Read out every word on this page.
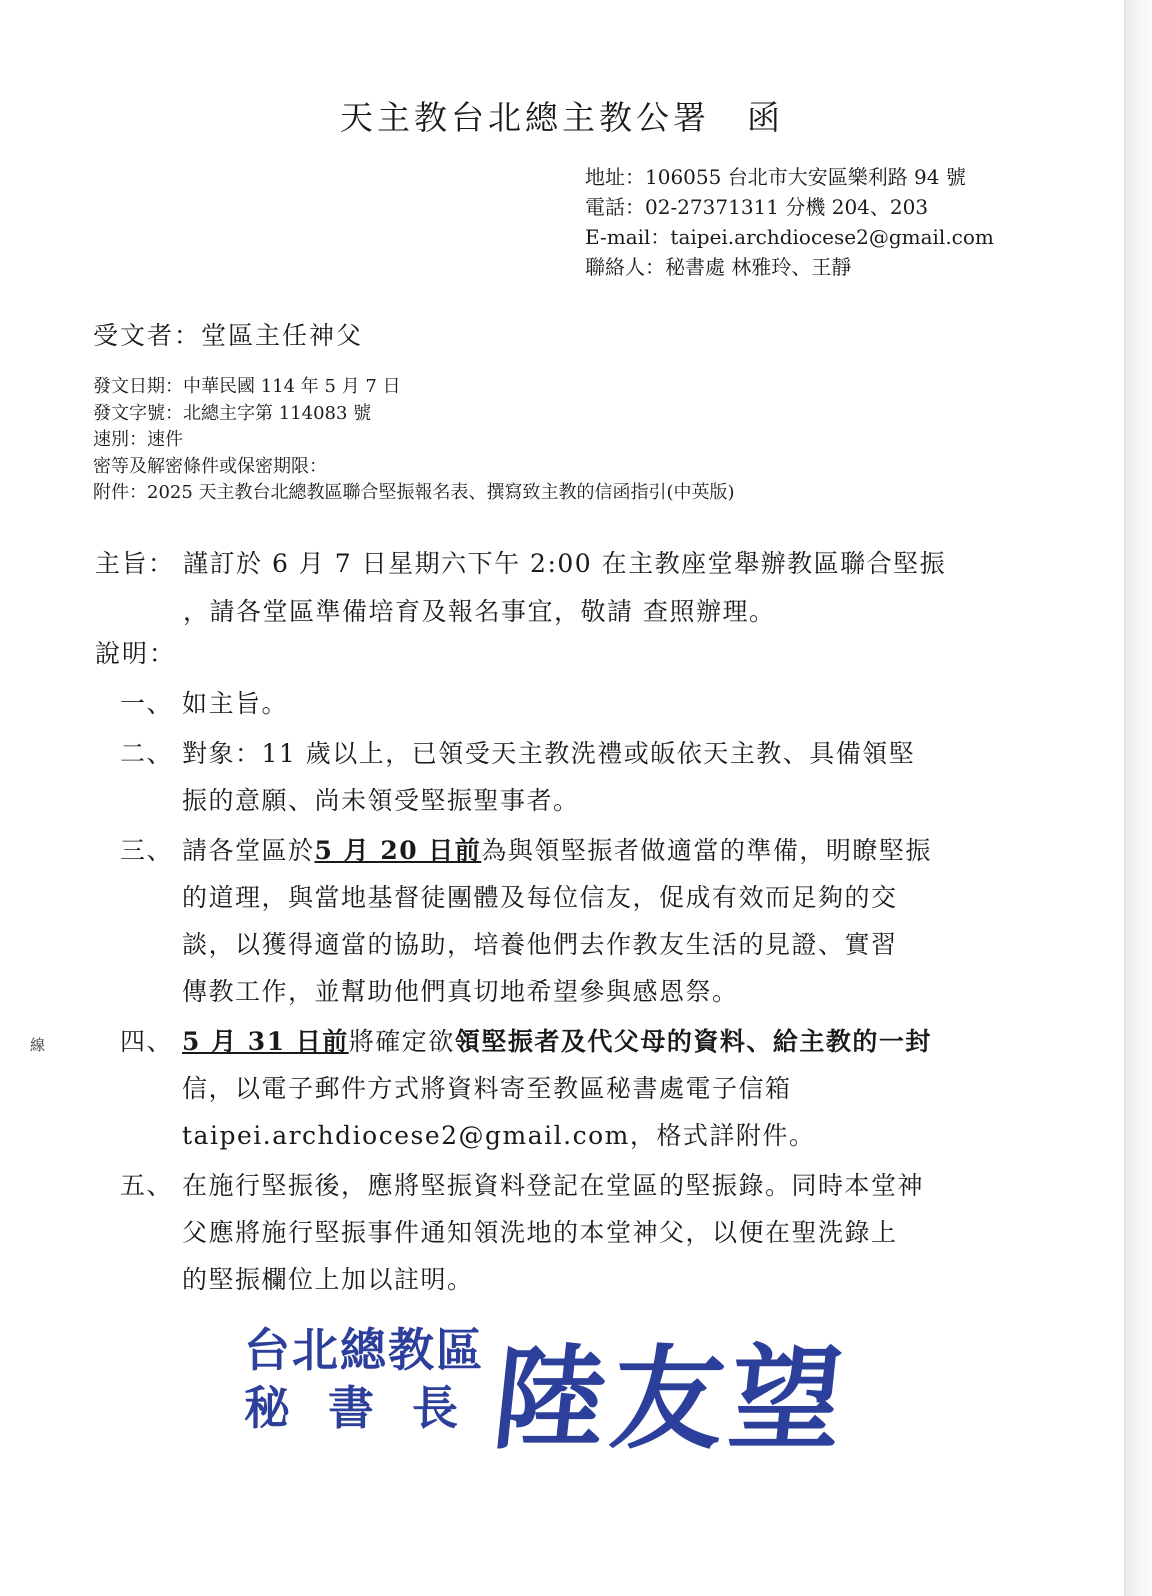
天主教台北總主教公署　函
地址：106055 台北市大安區樂利路 94 號
電話：02-27371311 分機 204、203
E-mail：taipei.archdiocese2@gmail.com
聯絡人：秘書處 林雅玲、王靜
受文者：堂區主任神父
發文日期：中華民國 114 年 5 月 7 日
發文字號：北總主字第 114083 號
速別：速件
密等及解密條件或保密期限：
附件：2025 天主教台北總教區聯合堅振報名表、撰寫致主教的信函指引(中英版)
主旨： 謹訂於 6 月 7 日星期六下午 2:00 在主教座堂舉辦教區聯合堅振
，請各堂區準備培育及報名事宜，敬請 查照辦理。
說明：
一、 如主旨。
二、 對象：11 歲以上，已領受天主教洗禮或皈依天主教、具備領堅
振的意願、尚未領受堅振聖事者。
三、 請各堂區於5 月 20 日前為與領堅振者做適當的準備，明瞭堅振
的道理，與當地基督徒團體及每位信友，促成有效而足夠的交
談，以獲得適當的協助，培養他們去作教友生活的見證、實習
傳教工作，並幫助他們真切地希望參與感恩祭。
四、 5 月 31 日前將確定欲領堅振者及代父母的資料、給主教的一封
信，以電子郵件方式將資料寄至教區秘書處電子信箱
taipei.archdiocese2@gmail.com，格式詳附件。
五、 在施行堅振後，應將堅振資料登記在堂區的堅振錄。同時本堂神
父應將施行堅振事件通知領洗地的本堂神父，以便在聖洗錄上
的堅振欄位上加以註明。
線
台北總教區
秘書長
陸友望
